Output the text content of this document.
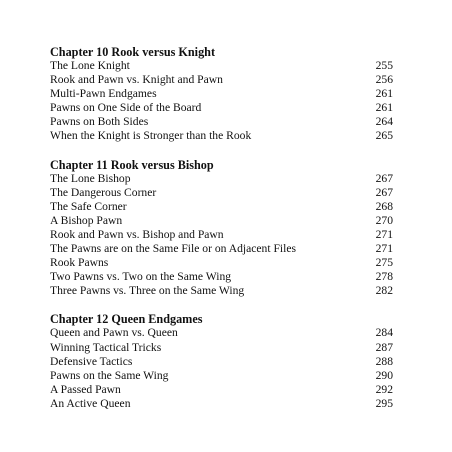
Chapter 10 Rook versus Knight
The Lone Knight	255
Rook and Pawn vs. Knight and Pawn	256
Multi-Pawn Endgames	261
Pawns on One Side of the Board	261
Pawns on Both Sides	264
When the Knight is Stronger than the Rook	265
Chapter 11 Rook versus Bishop
The Lone Bishop	267
The Dangerous Corner	267
The Safe Corner	268
A Bishop Pawn	270
Rook and Pawn vs. Bishop and Pawn	271
The Pawns are on the Same File or on Adjacent Files	271
Rook Pawns	275
Two Pawns vs. Two on the Same Wing	278
Three Pawns vs. Three on the Same Wing	282
Chapter 12 Queen Endgames
Queen and Pawn vs. Queen	284
Winning Tactical Tricks	287
Defensive Tactics	288
Pawns on the Same Wing	290
A Passed Pawn	292
An Active Queen	295
